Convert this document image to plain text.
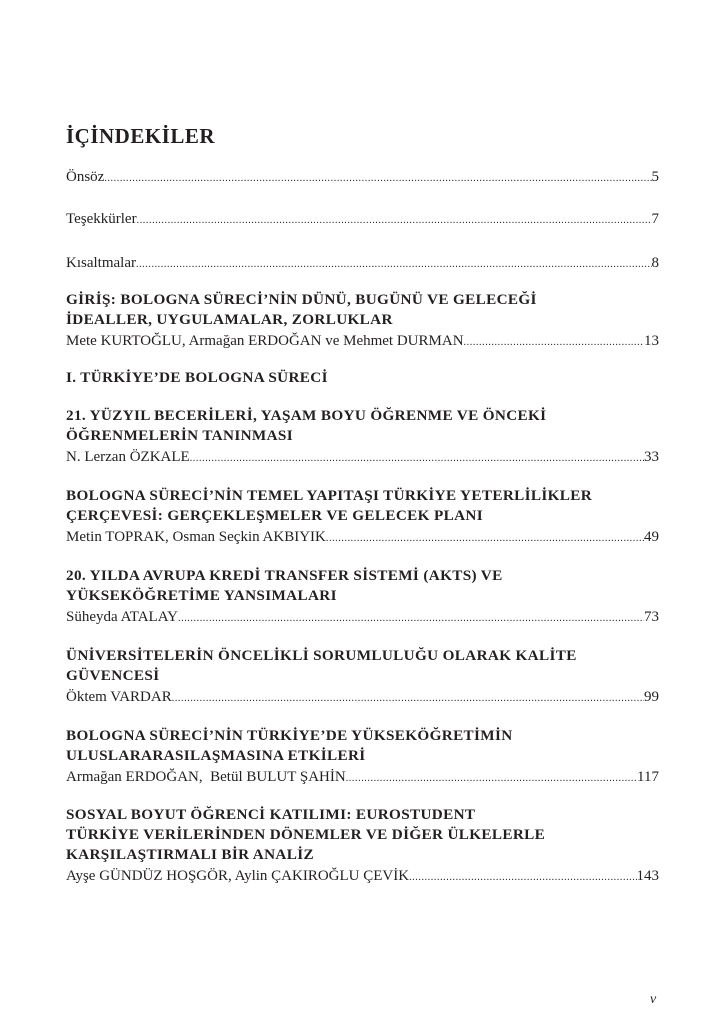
İÇİNDEKİLER
Önsöz .....	5
Teşekkürler .....	7
Kısaltmalar .....	8
GİRİŞ: BOLOGNA SÜRECİ’NİN DÜNÜ, BUGÜNÜ VE GELECEĞİ
İDEALLER, UYGULAMALAR, ZORLUKLAR
Mete KURTOĞLU, Armağan ERDOĞAN ve Mehmet DURMAN .....	13
I. TÜRKİYE’DE BOLOGNA SÜRECİ
21. YÜZYIL BECERİLERİ, YAŞAM BOYU ÖĞRENME VE ÖNCEKİ
ÖĞRENMELERİN TANINMASI
N. Lerzan ÖZKALE .....	33
BOLOGNA SÜRECİ’NİN TEMEL YAPITAŞI TÜRKİYE YETERLİLİKLER
ÇERÇEVESİ: GERÇEKLEŞMELER VE GELECEK PLANI
Metin TOPRAK, Osman Seçkin AKBIYIK .....	49
20. YILDA AVRUPA KREDİ TRANSFER SİSTEMİ (AKTS) VE
YÜKSEKÖĞRETİME YANSIMALARI
Süheyda ATALAY .....	73
ÜNİVERSİTELERİN ÖNCELİKLİ SORUMLULUĞU OLARAK KALİTE
GÜVENCESİ
Öktem VARDAR .....	99
BOLOGNA SÜRECİ’NİN TÜRKİYE’DE YÜKSEKÖĞRETİMİN
ULUSLARARASILAŞMASINA ETKİLERİ
Armağan ERDOĞAN,  Betül BULUT ŞAHİN .....	117
SOSYAL BOYUT ÖĞRENCİ KATILIMI: EUROSTUDENT
TÜRKİYE VERİLERİNDEN DÖNEMLER VE DİĞER ÜLKELERLE
KARŞILAŞTIRMALI BİR ANALİZ
Ayşe GÜNDÜZ HOŞGÖR, Aylin ÇAKIROĞLU ÇEVİK .....	143
v
